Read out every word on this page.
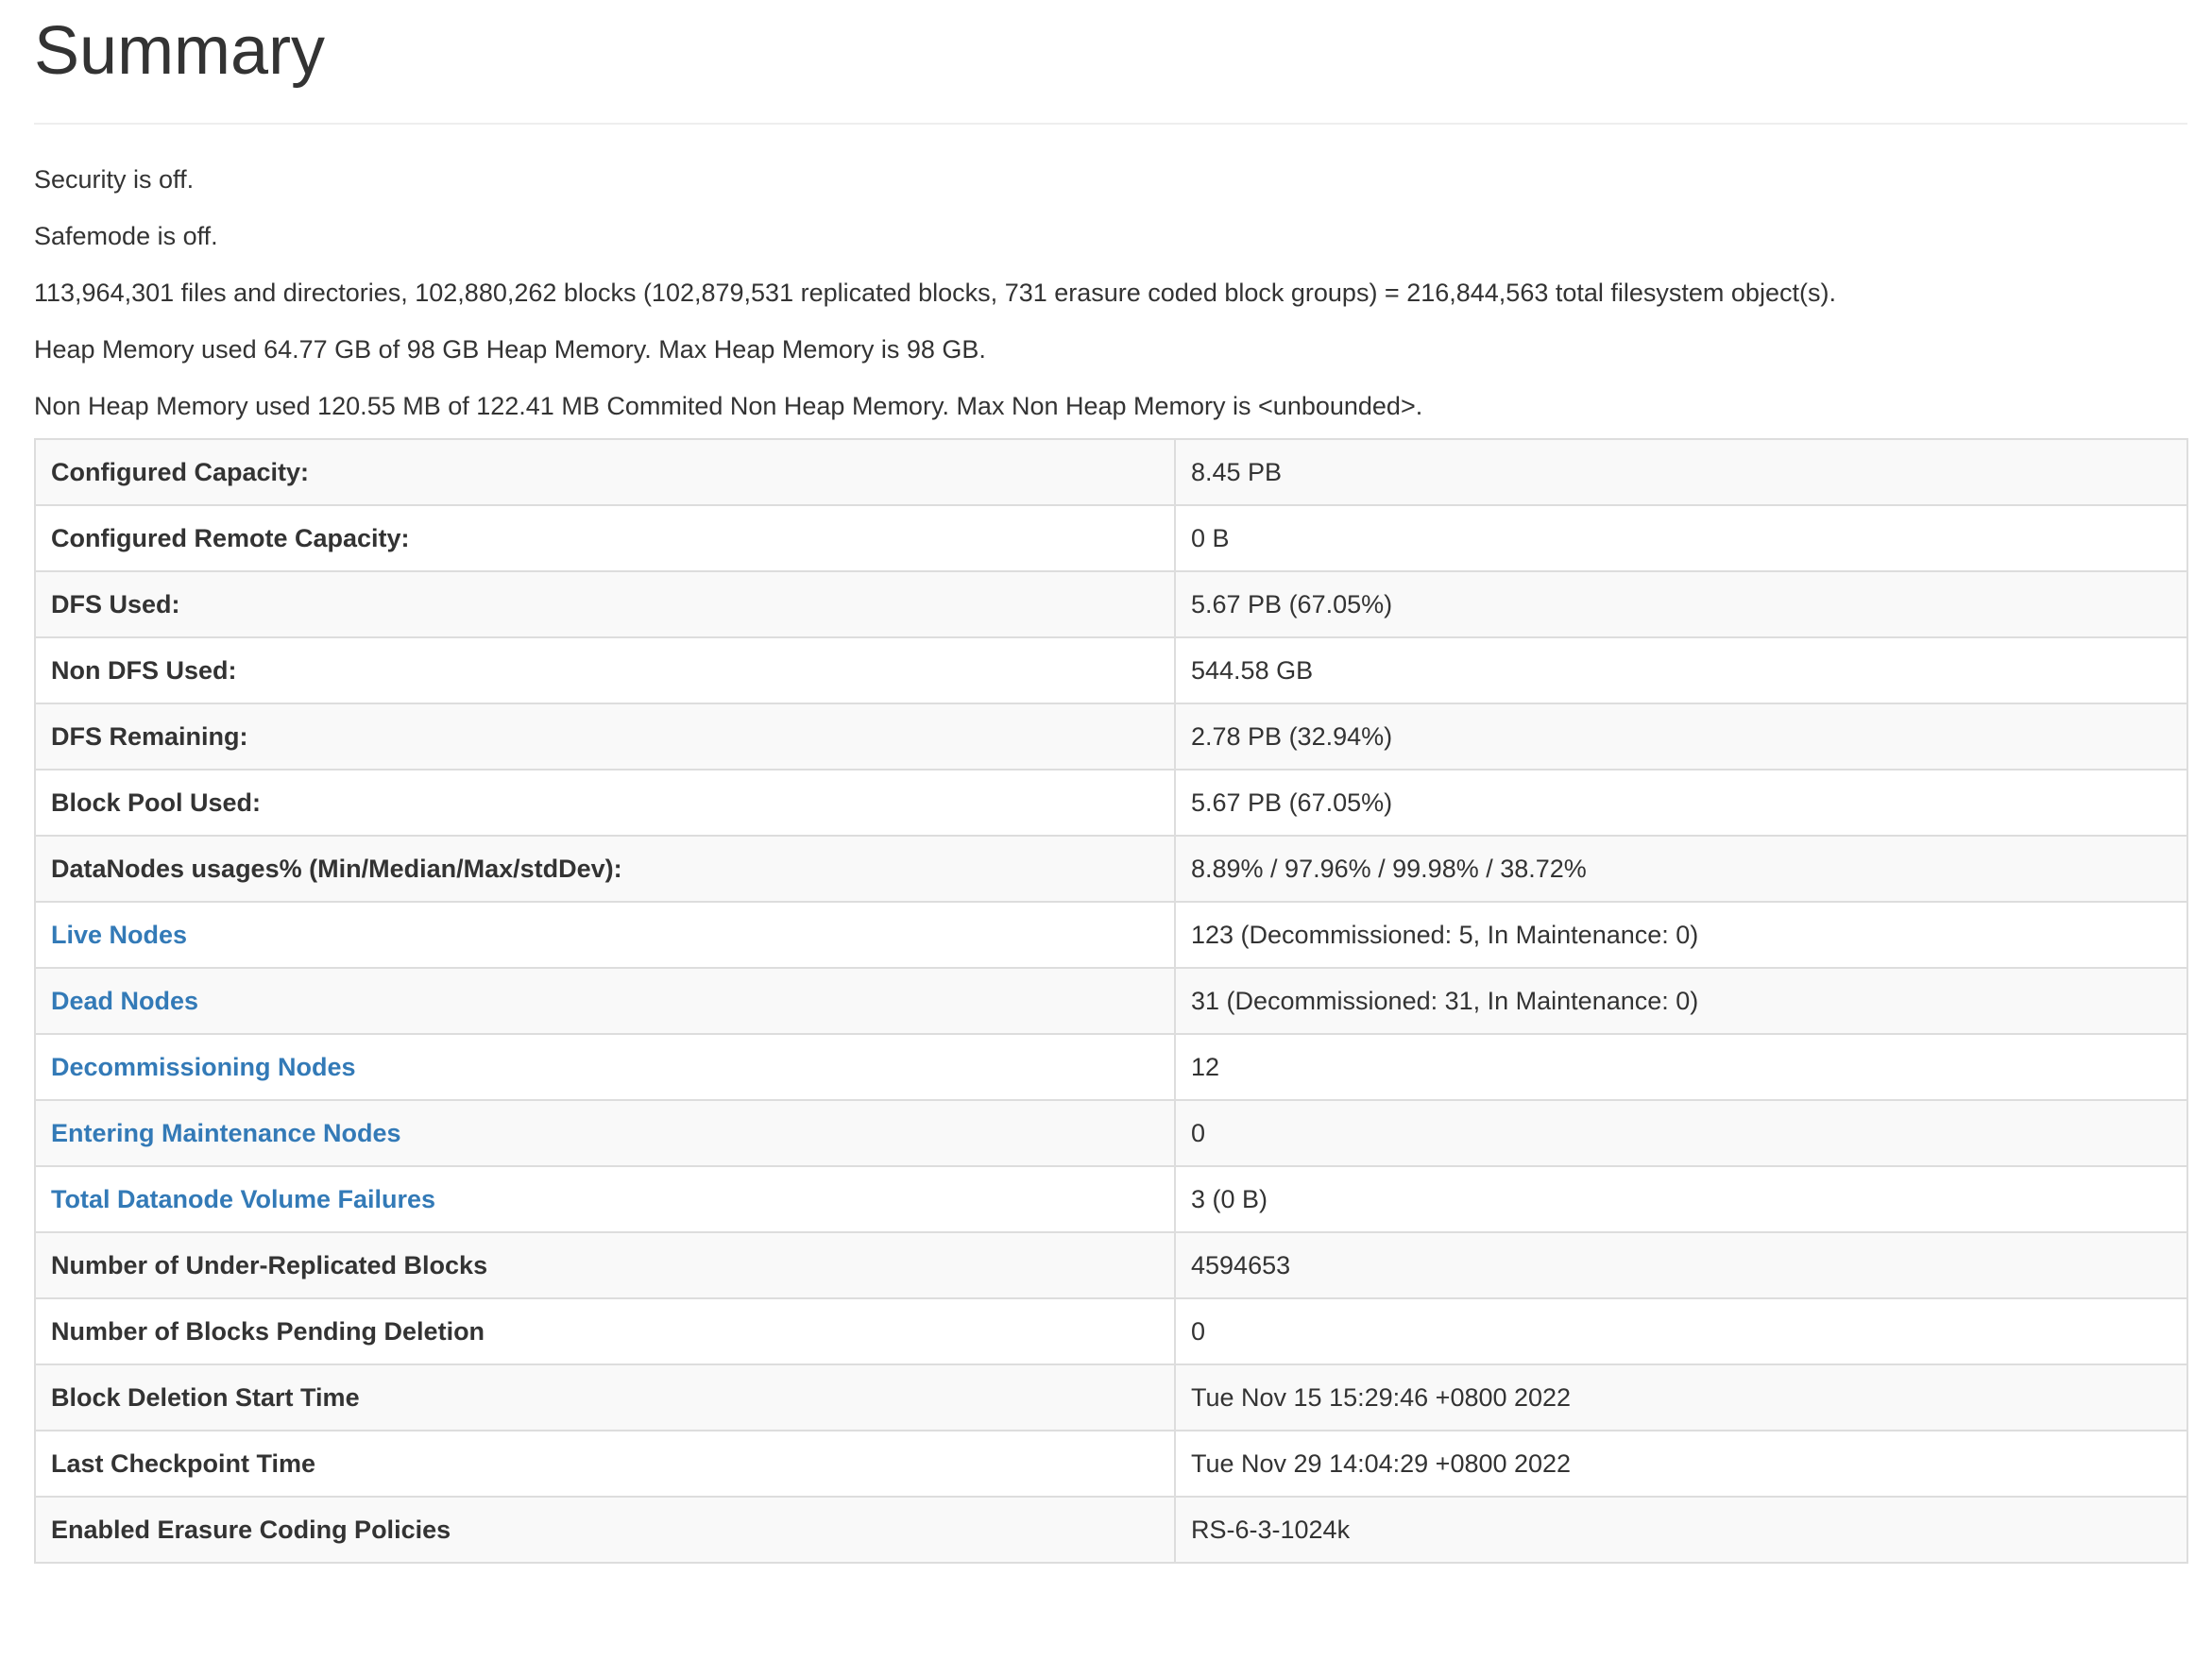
Summary

Security is off.

Safemode is off.

113,964,301 files and directories, 102,880,262 blocks (102,879,531 replicated blocks, 731 erasure coded block groups) = 216,844,563 total filesystem object(s).

Heap Memory used 64.77 GB of 98 GB Heap Memory. Max Heap Memory is 98 GB.

Non Heap Memory used 120.55 MB of 122.41 MB Commited Non Heap Memory. Max Non Heap Memory is <unbounded>.

Configured Capacity:	8.45 PB
Configured Remote Capacity:	0 B
DFS Used:	5.67 PB (67.05%)
Non DFS Used:	544.58 GB
DFS Remaining:	2.78 PB (32.94%)
Block Pool Used:	5.67 PB (67.05%)
DataNodes usages% (Min/Median/Max/stdDev):	8.89% / 97.96% / 99.98% / 38.72%
Live Nodes	123 (Decommissioned: 5, In Maintenance: 0)
Dead Nodes	31 (Decommissioned: 31, In Maintenance: 0)
Decommissioning Nodes	12
Entering Maintenance Nodes	0
Total Datanode Volume Failures	3 (0 B)
Number of Under-Replicated Blocks	4594653
Number of Blocks Pending Deletion	0
Block Deletion Start Time	Tue Nov 15 15:29:46 +0800 2022
Last Checkpoint Time	Tue Nov 29 14:04:29 +0800 2022
Enabled Erasure Coding Policies	RS-6-3-1024k
